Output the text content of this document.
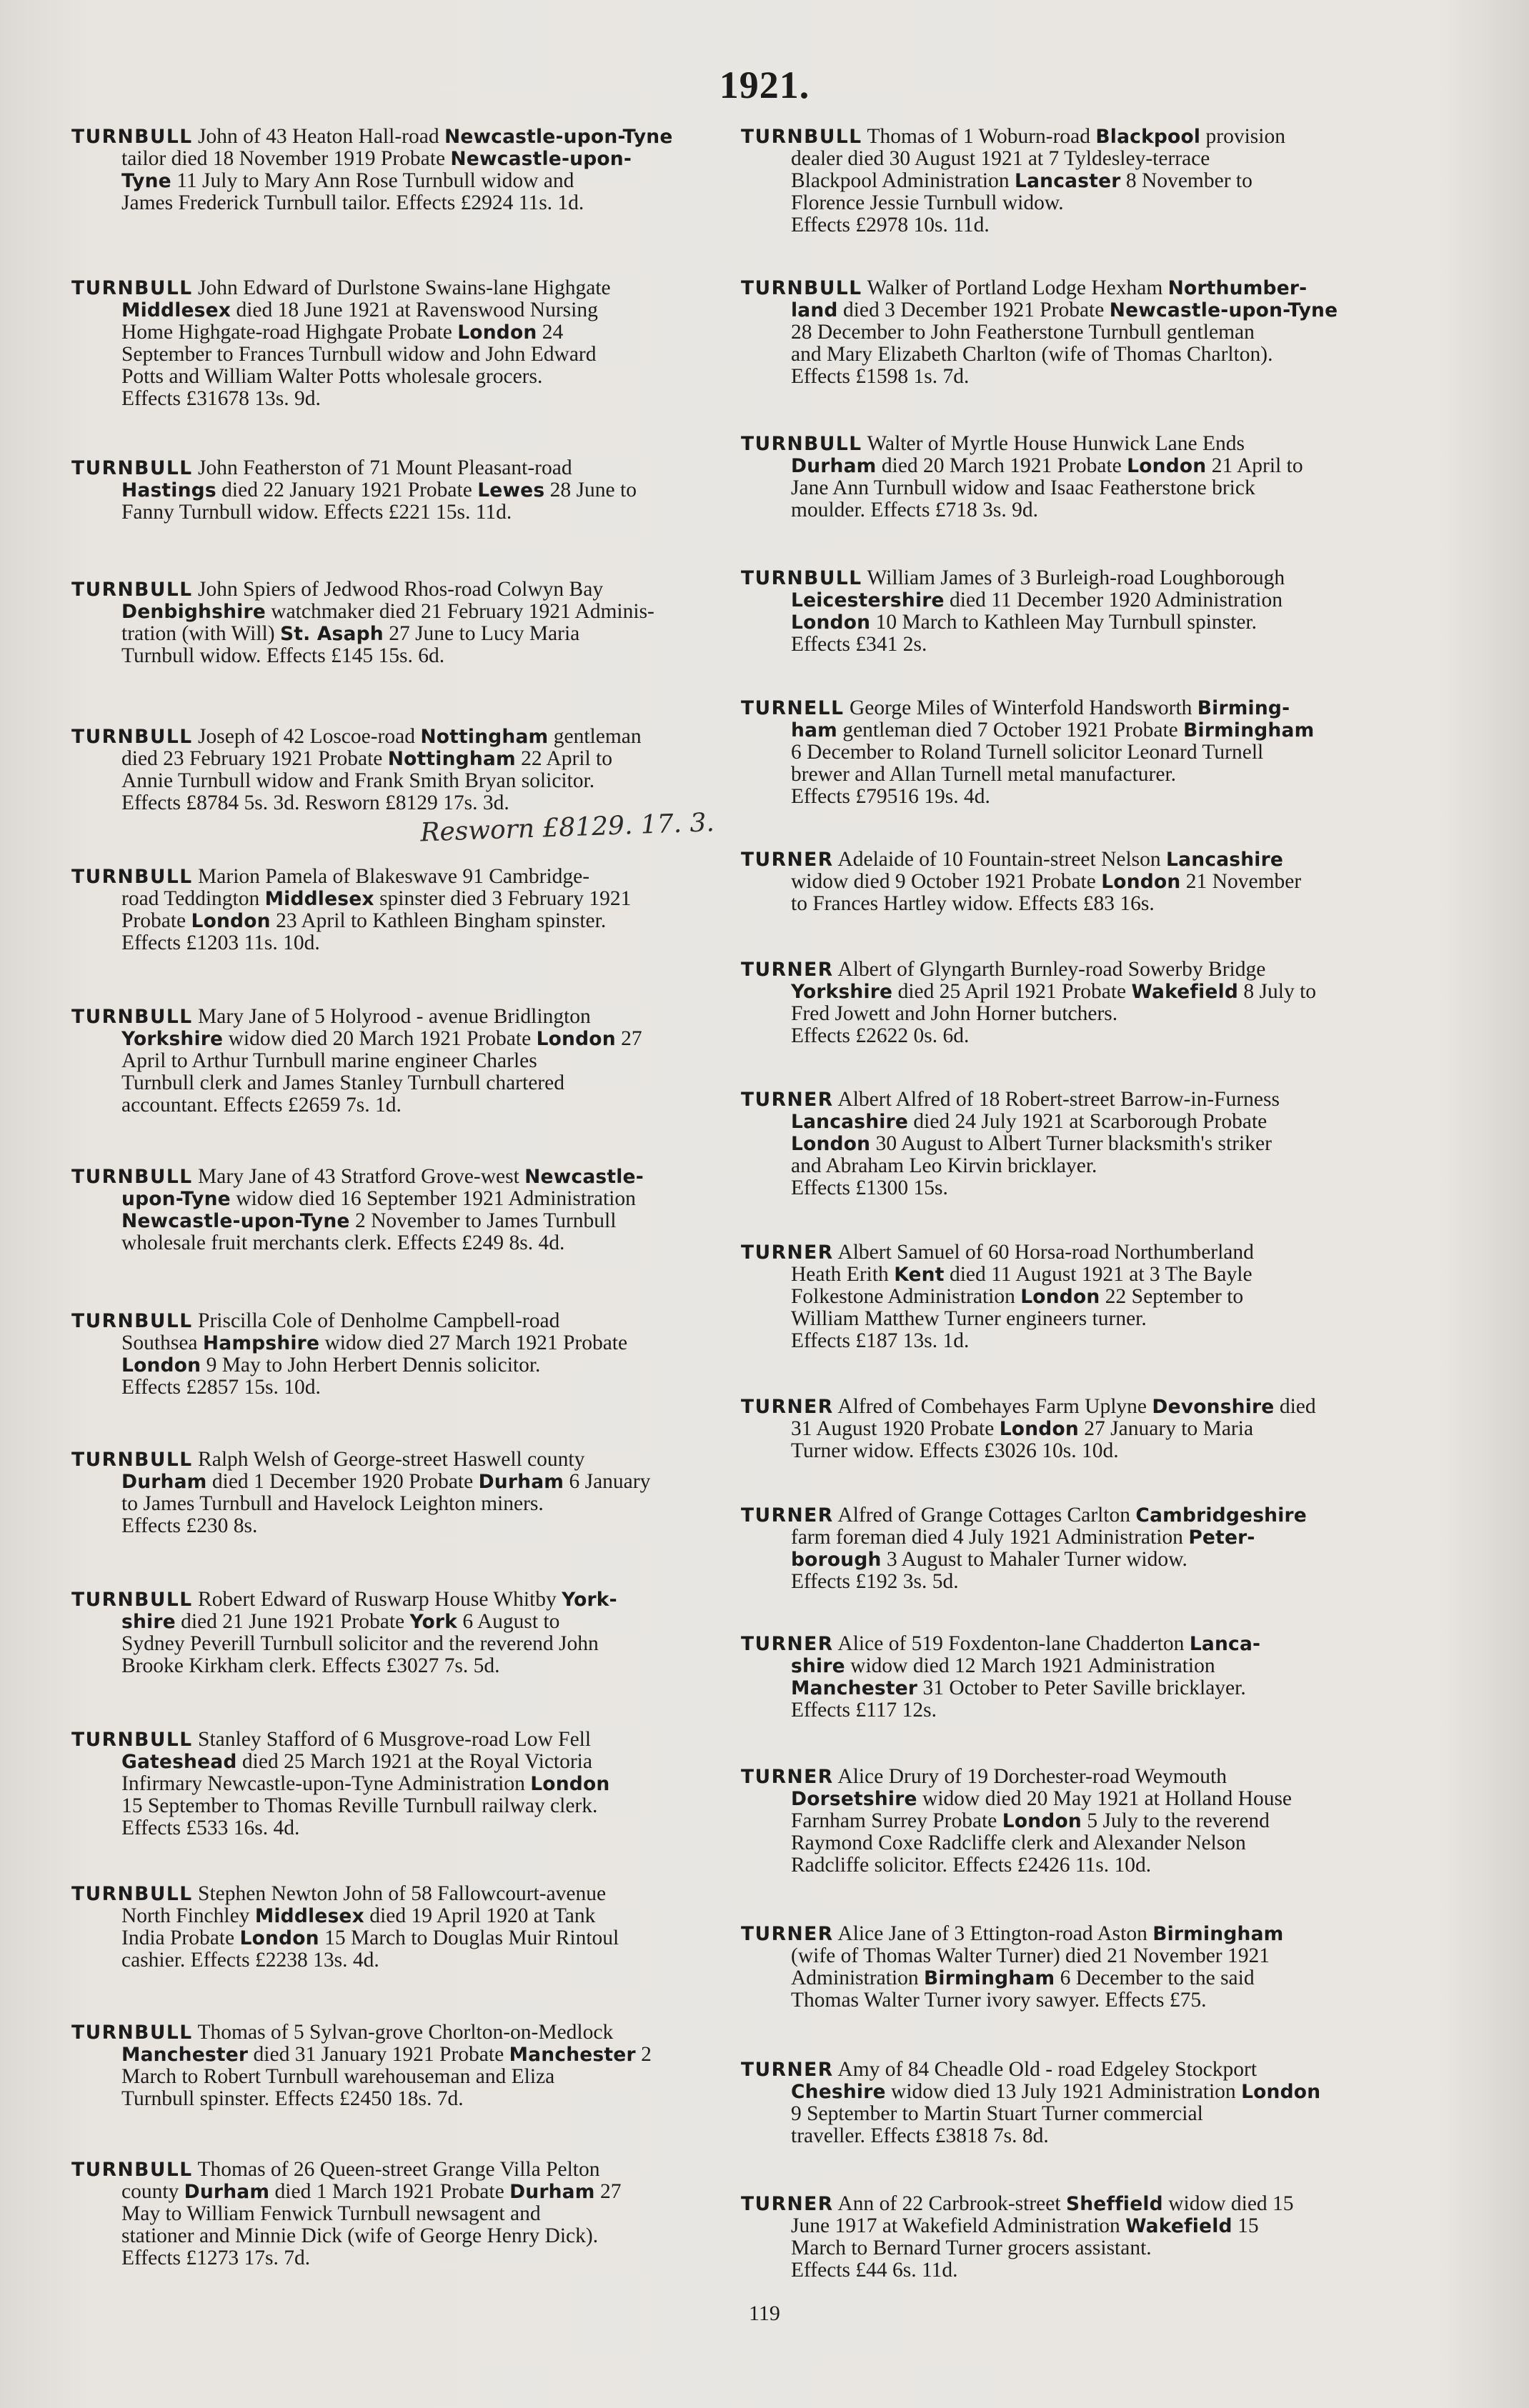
1921.
TURNBULL John of 43 Heaton Hall-road Newcastle-upon-Tyne
tailor died 18 November 1919 Probate Newcastle-upon-
Tyne 11 July to Mary Ann Rose Turnbull widow and
James Frederick Turnbull tailor. Effects £2924 11s. 1d.
TURNBULL John Edward of Durlstone Swains-lane Highgate
Middlesex died 18 June 1921 at Ravenswood Nursing
Home Highgate-road Highgate Probate London 24
September to Frances Turnbull widow and John Edward
Potts and William Walter Potts wholesale grocers.
Effects £31678 13s. 9d.
TURNBULL John Featherston of 71 Mount Pleasant-road
Hastings died 22 January 1921 Probate Lewes 28 June to
Fanny Turnbull widow. Effects £221 15s. 11d.
TURNBULL John Spiers of Jedwood Rhos-road Colwyn Bay
Denbighshire watchmaker died 21 February 1921 Adminis-
tration (with Will) St. Asaph 27 June to Lucy Maria
Turnbull widow. Effects £145 15s. 6d.
TURNBULL Joseph of 42 Loscoe-road Nottingham gentleman
died 23 February 1921 Probate Nottingham 22 April to
Annie Turnbull widow and Frank Smith Bryan solicitor.
Effects £8784 5s. 3d. Resworn £8129 17s. 3d.
Resworn £8129. 17. 3.
TURNBULL Marion Pamela of Blakeswave 91 Cambridge-
road Teddington Middlesex spinster died 3 February 1921
Probate London 23 April to Kathleen Bingham spinster.
Effects £1203 11s. 10d.
TURNBULL Mary Jane of 5 Holyrood - avenue Bridlington
Yorkshire widow died 20 March 1921 Probate London 27
April to Arthur Turnbull marine engineer Charles
Turnbull clerk and James Stanley Turnbull chartered
accountant. Effects £2659 7s. 1d.
TURNBULL Mary Jane of 43 Stratford Grove-west Newcastle-
upon-Tyne widow died 16 September 1921 Administration
Newcastle-upon-Tyne 2 November to James Turnbull
wholesale fruit merchants clerk. Effects £249 8s. 4d.
TURNBULL Priscilla Cole of Denholme Campbell-road
Southsea Hampshire widow died 27 March 1921 Probate
London 9 May to John Herbert Dennis solicitor.
Effects £2857 15s. 10d.
TURNBULL Ralph Welsh of George-street Haswell county
Durham died 1 December 1920 Probate Durham 6 January
to James Turnbull and Havelock Leighton miners.
Effects £230 8s.
TURNBULL Robert Edward of Ruswarp House Whitby York-
shire died 21 June 1921 Probate York 6 August to
Sydney Peverill Turnbull solicitor and the reverend John
Brooke Kirkham clerk. Effects £3027 7s. 5d.
TURNBULL Stanley Stafford of 6 Musgrove-road Low Fell
Gateshead died 25 March 1921 at the Royal Victoria
Infirmary Newcastle-upon-Tyne Administration London
15 September to Thomas Reville Turnbull railway clerk.
Effects £533 16s. 4d.
TURNBULL Stephen Newton John of 58 Fallowcourt-avenue
North Finchley Middlesex died 19 April 1920 at Tank
India Probate London 15 March to Douglas Muir Rintoul
cashier. Effects £2238 13s. 4d.
TURNBULL Thomas of 5 Sylvan-grove Chorlton-on-Medlock
Manchester died 31 January 1921 Probate Manchester 2
March to Robert Turnbull warehouseman and Eliza
Turnbull spinster. Effects £2450 18s. 7d.
TURNBULL Thomas of 26 Queen-street Grange Villa Pelton
county Durham died 1 March 1921 Probate Durham 27
May to William Fenwick Turnbull newsagent and
stationer and Minnie Dick (wife of George Henry Dick).
Effects £1273 17s. 7d.
TURNBULL Thomas of 1 Woburn-road Blackpool provision
dealer died 30 August 1921 at 7 Tyldesley-terrace
Blackpool Administration Lancaster 8 November to
Florence Jessie Turnbull widow.
Effects £2978 10s. 11d.
TURNBULL Walker of Portland Lodge Hexham Northumber-
land died 3 December 1921 Probate Newcastle-upon-Tyne
28 December to John Featherstone Turnbull gentleman
and Mary Elizabeth Charlton (wife of Thomas Charlton).
Effects £1598 1s. 7d.
TURNBULL Walter of Myrtle House Hunwick Lane Ends
Durham died 20 March 1921 Probate London 21 April to
Jane Ann Turnbull widow and Isaac Featherstone brick
moulder. Effects £718 3s. 9d.
TURNBULL William James of 3 Burleigh-road Loughborough
Leicestershire died 11 December 1920 Administration
London 10 March to Kathleen May Turnbull spinster.
Effects £341 2s.
TURNELL George Miles of Winterfold Handsworth Birming-
ham gentleman died 7 October 1921 Probate Birmingham
6 December to Roland Turnell solicitor Leonard Turnell
brewer and Allan Turnell metal manufacturer.
Effects £79516 19s. 4d.
TURNER Adelaide of 10 Fountain-street Nelson Lancashire
widow died 9 October 1921 Probate London 21 November
to Frances Hartley widow. Effects £83 16s.
TURNER Albert of Glyngarth Burnley-road Sowerby Bridge
Yorkshire died 25 April 1921 Probate Wakefield 8 July to
Fred Jowett and John Horner butchers.
Effects £2622 0s. 6d.
TURNER Albert Alfred of 18 Robert-street Barrow-in-Furness
Lancashire died 24 July 1921 at Scarborough Probate
London 30 August to Albert Turner blacksmith's striker
and Abraham Leo Kirvin bricklayer.
Effects £1300 15s.
TURNER Albert Samuel of 60 Horsa-road Northumberland
Heath Erith Kent died 11 August 1921 at 3 The Bayle
Folkestone Administration London 22 September to
William Matthew Turner engineers turner.
Effects £187 13s. 1d.
TURNER Alfred of Combehayes Farm Uplyne Devonshire died
31 August 1920 Probate London 27 January to Maria
Turner widow. Effects £3026 10s. 10d.
TURNER Alfred of Grange Cottages Carlton Cambridgeshire
farm foreman died 4 July 1921 Administration Peter-
borough 3 August to Mahaler Turner widow.
Effects £192 3s. 5d.
TURNER Alice of 519 Foxdenton-lane Chadderton Lanca-
shire widow died 12 March 1921 Administration
Manchester 31 October to Peter Saville bricklayer.
Effects £117 12s.
TURNER Alice Drury of 19 Dorchester-road Weymouth
Dorsetshire widow died 20 May 1921 at Holland House
Farnham Surrey Probate London 5 July to the reverend
Raymond Coxe Radcliffe clerk and Alexander Nelson
Radcliffe solicitor. Effects £2426 11s. 10d.
TURNER Alice Jane of 3 Ettington-road Aston Birmingham
(wife of Thomas Walter Turner) died 21 November 1921
Administration Birmingham 6 December to the said
Thomas Walter Turner ivory sawyer. Effects £75.
TURNER Amy of 84 Cheadle Old - road Edgeley Stockport
Cheshire widow died 13 July 1921 Administration London
9 September to Martin Stuart Turner commercial
traveller. Effects £3818 7s. 8d.
TURNER Ann of 22 Carbrook-street Sheffield widow died 15
June 1917 at Wakefield Administration Wakefield 15
March to Bernard Turner grocers assistant.
Effects £44 6s. 11d.
119
